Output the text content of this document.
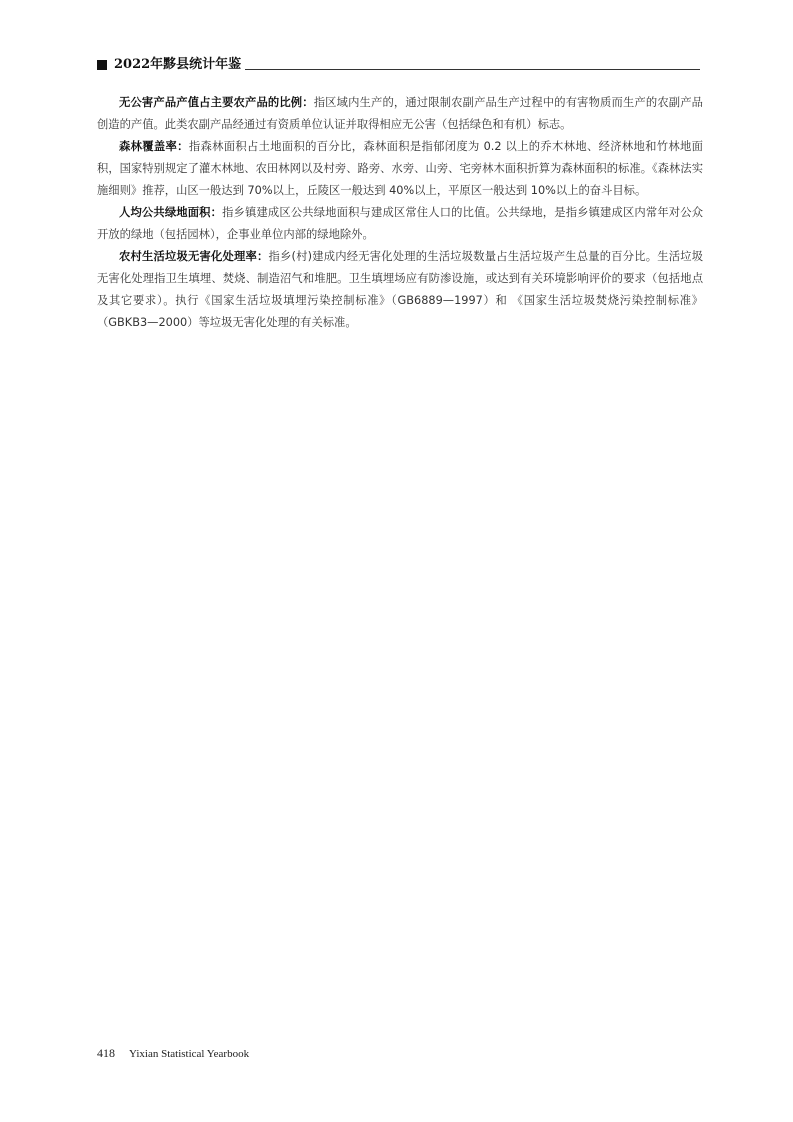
2022年黟县统计年鉴

无公害产品产值占主要农产品的比例：指区域内生产的，通过限制农副产品生产过程中的有害物质而生产的农副产品创造的产值。此类农副产品经通过有资质单位认证并取得相应无公害（包括绿色和有机）标志。

森林覆盖率：指森林面积占土地面积的百分比，森林面积是指郁闭度为 0.2 以上的乔木林地、经济林地和竹林地面积，国家特别规定了灌木林地、农田林网以及村旁、路旁、水旁、山旁、宅旁林木面积折算为森林面积的标准。《森林法实施细则》推荐，山区一般达到 70%以上，丘陵区一般达到 40%以上，平原区一般达到 10%以上的奋斗目标。

人均公共绿地面积：指乡镇建成区公共绿地面积与建成区常住人口的比值。公共绿地，是指乡镇建成区内常年对公众开放的绿地（包括园林），企事业单位内部的绿地除外。

农村生活垃圾无害化处理率：指乡(村)建成内经无害化处理的生活垃圾数量占生活垃圾产生总量的百分比。生活垃圾无害化处理指卫生填埋、焚烧、制造沼气和堆肥。卫生填埋场应有防渗设施，或达到有关环境影响评价的要求（包括地点及其它要求）。执行《国家生活垃圾填埋污染控制标准》（GB6889—1997）和 《国家生活垃圾焚烧污染控制标准》（GBKB3—2000）等垃圾无害化处理的有关标准。

418 Yixian Statistical Yearbook
